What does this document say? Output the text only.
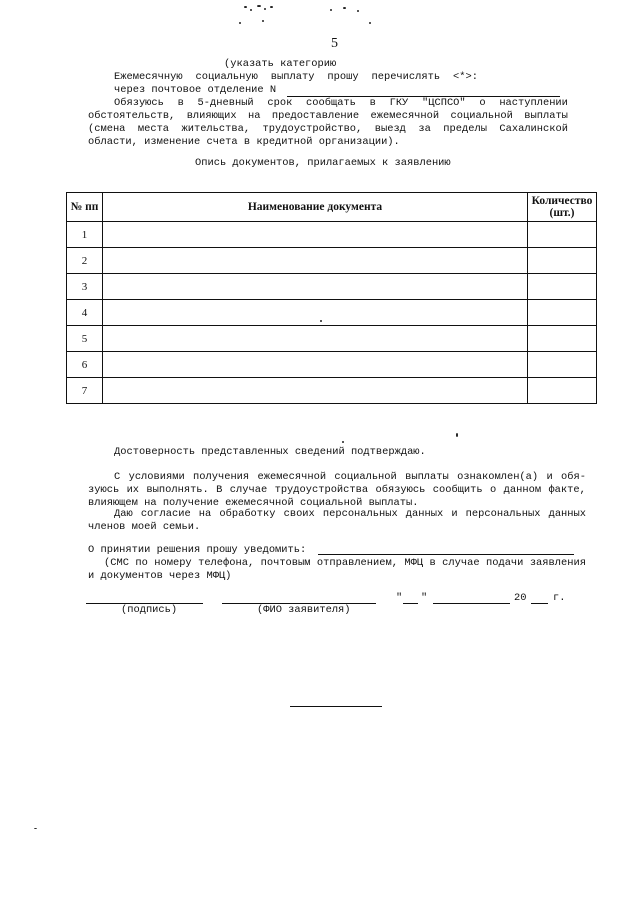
5
(указать категорию
Ежемесячную социальную выплату прошу перечислять <*>:
через почтовое отделение N
Обязуюсь в 5-дневный срок сообщать в ГКУ "ЦСПСО" о наступлении
обстоятельств, влияющих на предоставление ежемесячной социальной выплаты
(смена места жительства, трудоустройство, выезд за пределы Сахалинской
области, изменение счета в кредитной организации).
Опись документов, прилагаемых к заявлению
№ пп	Наименование документа	Количество
(шт.)
1		
2		
3		
4		
5		
6		
7		
Достоверность представленных сведений подтверждаю.
С условиями получения ежемесячной социальной выплаты ознакомлен(а) и обя-
зуюсь их выполнять. В случае трудоустройства обязуюсь сообщить о данном факте,
влияющем на получение ежемесячной социальной выплаты.
Даю согласие на обработку своих персональных данных и персональных данных
членов моей семьи.
О принятии решения прошу уведомить:
(СМС по номеру телефона, почтовым отправлением, МФЦ в случае подачи заявления
и документов через МФЦ)
" "	20	г.
(подпись)	(ФИО заявителя)
